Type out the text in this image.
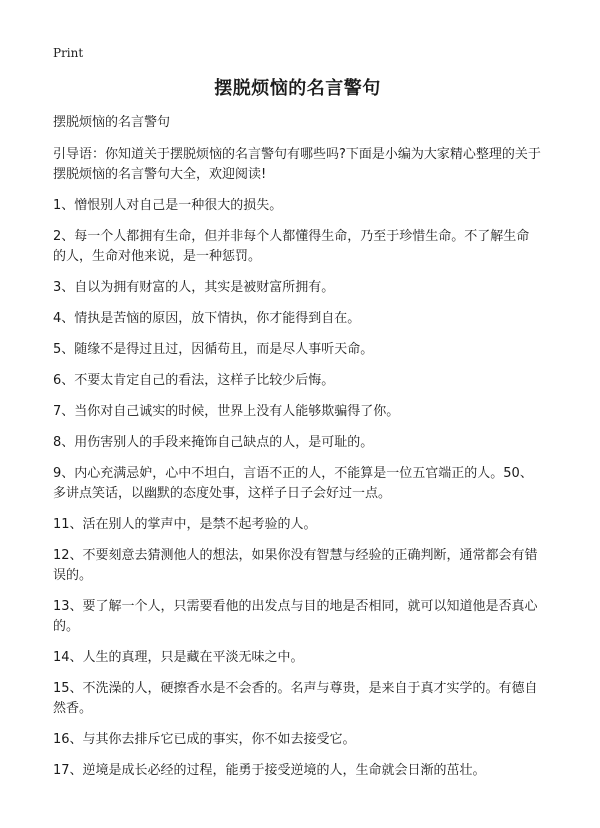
Print
摆脱烦恼的名言警句

摆脱烦恼的名言警句

引导语：你知道关于摆脱烦恼的名言警句有哪些吗?下面是小编为大家精心整理的关于摆脱烦恼的名言警句大全，欢迎阅读!

1、憎恨别人对自己是一种很大的损失。
2、每一个人都拥有生命，但并非每个人都懂得生命，乃至于珍惜生命。不了解生命的人，生命对他来说，是一种惩罚。
3、自以为拥有财富的人，其实是被财富所拥有。
4、情执是苦恼的原因，放下情执，你才能得到自在。
5、随缘不是得过且过，因循苟且，而是尽人事听天命。
6、不要太肯定自己的看法，这样子比较少后悔。
7、当你对自己诚实的时候，世界上没有人能够欺骗得了你。
8、用伤害别人的手段来掩饰自己缺点的人，是可耻的。
9、内心充满忌妒，心中不坦白，言语不正的人，不能算是一位五官端正的人。50、多讲点笑话，以幽默的态度处事，这样子日子会好过一点。
11、活在别人的掌声中，是禁不起考验的人。
12、不要刻意去猜测他人的想法，如果你没有智慧与经验的正确判断，通常都会有错误的。
13、要了解一个人，只需要看他的出发点与目的地是否相同，就可以知道他是否真心的。
14、人生的真理，只是藏在平淡无味之中。
15、不洗澡的人，硬擦香水是不会香的。名声与尊贵，是来自于真才实学的。有德自然香。
16、与其你去排斥它已成的事实，你不如去接受它。
17、逆境是成长必经的过程，能勇于接受逆境的人，生命就会日渐的茁壮。
